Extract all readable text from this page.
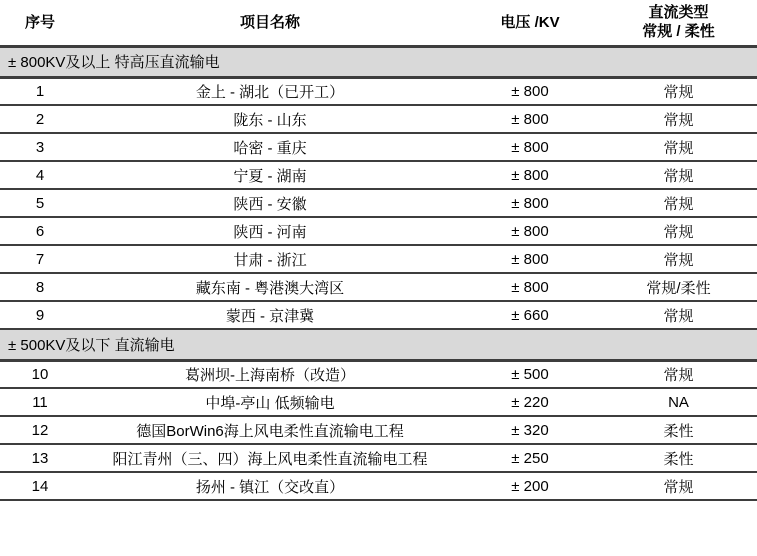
序号	项目名称	电压 /KV	直流类型
常规 / 柔性

± 800KV及以上 特高压直流输电			
1	金上 - 湖北（已开工）	± 800	常规
2	陇东 - 山东	± 800	常规
3	哈密 - 重庆	± 800	常规
4	宁夏 - 湖南	± 800	常规
5	陕西 - 安徽	± 800	常规
6	陕西 - 河南	± 800	常规
7	甘肃 - 浙江	± 800	常规
8	藏东南 - 粤港澳大湾区	± 800	常规/柔性
9	蒙西 - 京津冀	± 660	常规
± 500KV及以下 直流输电			
10	葛洲坝-上海南桥（改造）	± 500	常规
11	中埠-亭山 低频输电	± 220	NA
12	德国BorWin6海上风电柔性直流输电工程	± 320	柔性
13	阳江青州（三、四）海上风电柔性直流输电工程	± 250	柔性
14	扬州 - 镇江（交改直）	± 200	常规
